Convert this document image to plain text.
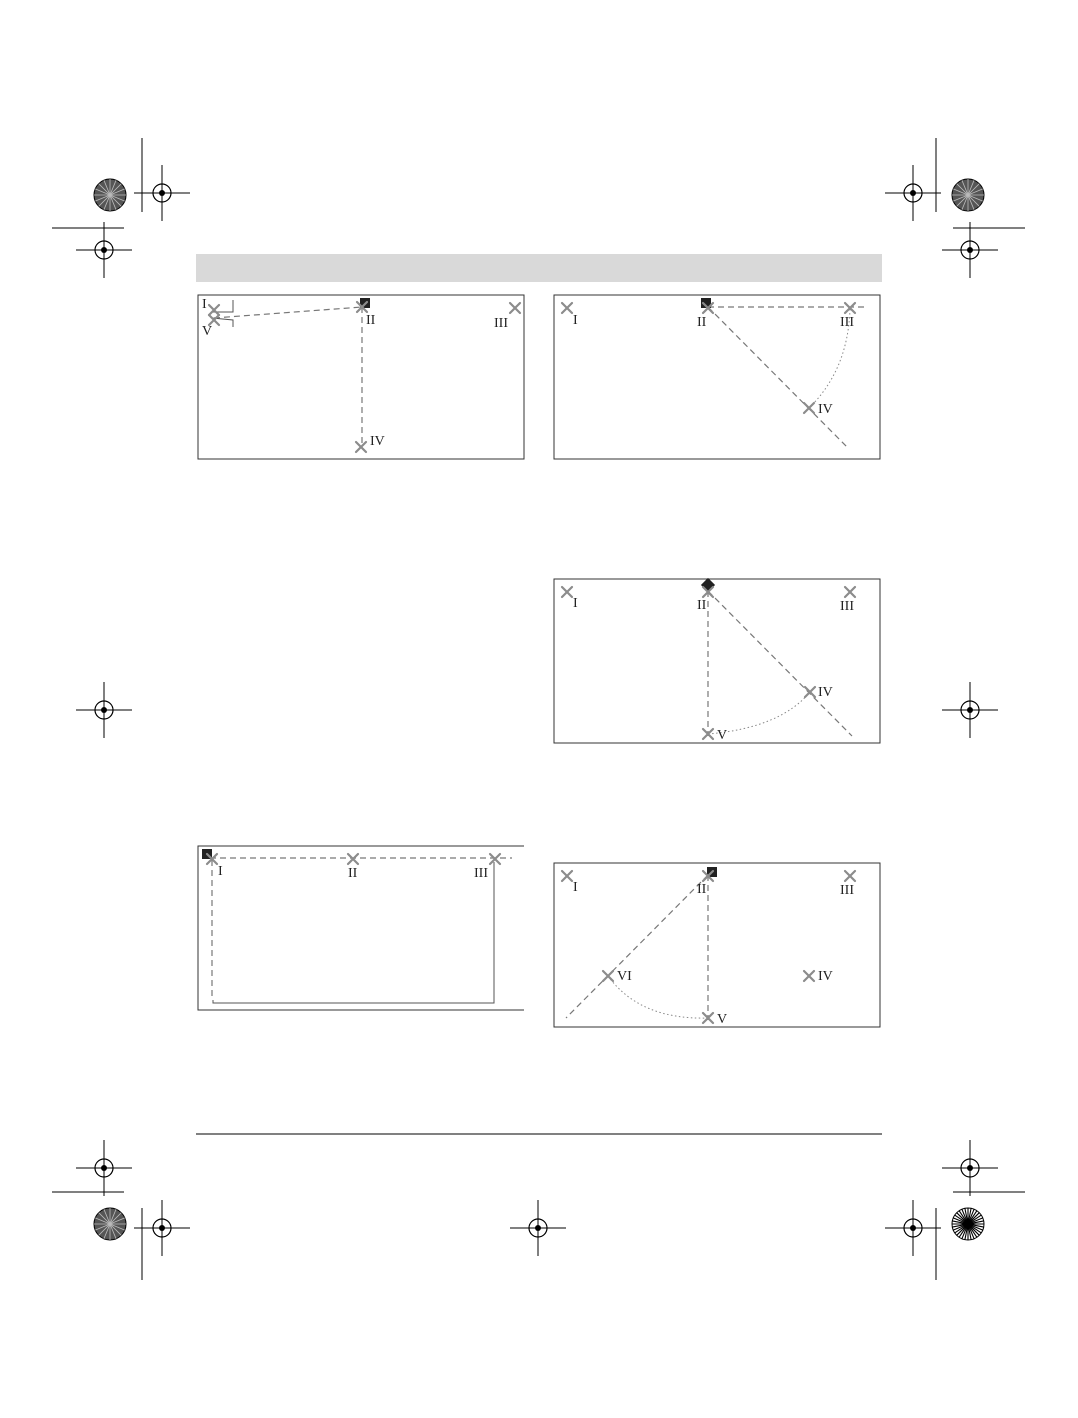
I
V
II	III
IV
I	II	III
IV
I	II	III
IV
V
I	II	III
I	II	III
VI	IV
V
